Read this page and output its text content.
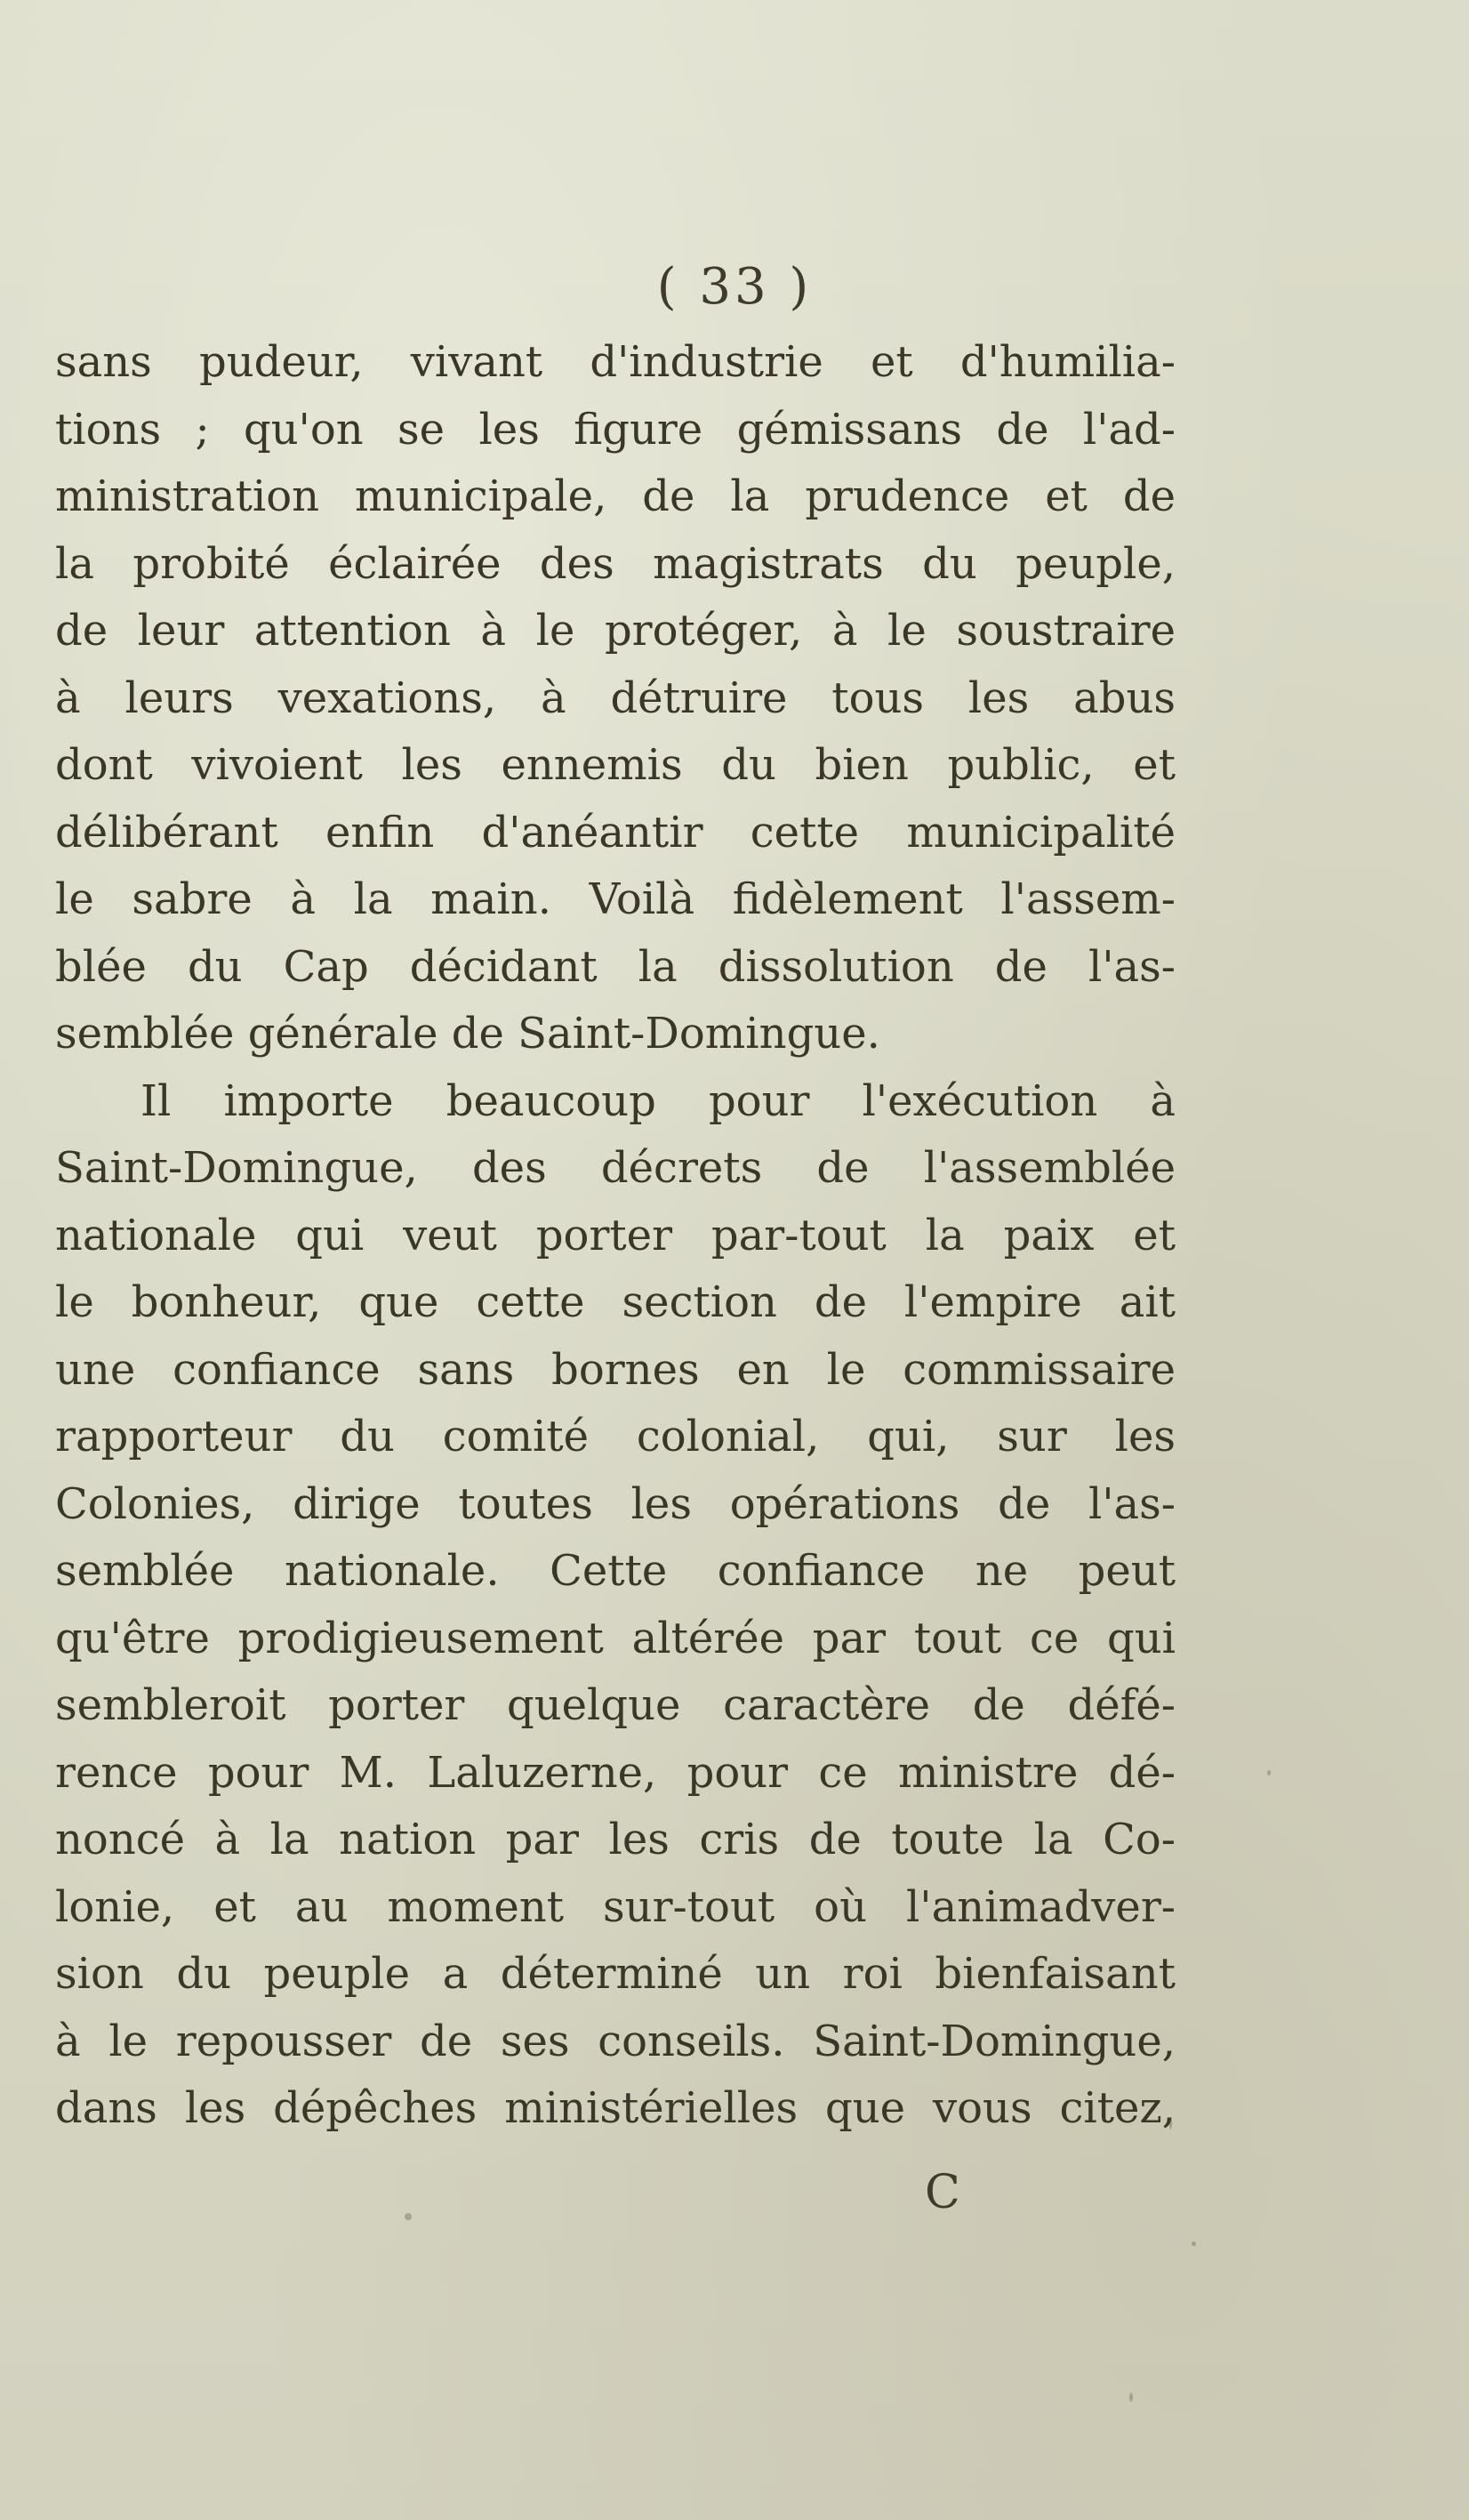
( 33 )
sans pudeur, vivant d'industrie et d'humilia-
tions ; qu'on se les figure gémissans de l'ad-
ministration municipale, de la prudence et de
la probité éclairée des magistrats du peuple,
de leur attention à le protéger, à le soustraire
à leurs vexations, à détruire tous les abus
dont vivoient les ennemis du bien public, et
délibérant enfin d'anéantir cette municipalité
le sabre à la main. Voilà fidèlement l'assem-
blée du Cap décidant la dissolution de l'as-
semblée générale de Saint-Domingue.
Il importe beaucoup pour l'exécution à
Saint-Domingue, des décrets de l'assemblée
nationale qui veut porter par-tout la paix et
le bonheur, que cette section de l'empire ait
une confiance sans bornes en le commissaire
rapporteur du comité colonial, qui, sur les
Colonies, dirige toutes les opérations de l'as-
semblée nationale. Cette confiance ne peut
qu'être prodigieusement altérée par tout ce qui
sembleroit porter quelque caractère de défé-
rence pour M. Laluzerne, pour ce ministre dé-
noncé à la nation par les cris de toute la Co-
lonie, et au moment sur-tout où l'animadver-
sion du peuple a déterminé un roi bienfaisant
à le repousser de ses conseils. Saint-Domingue,
dans les dépêches ministérielles que vous citez,
C
